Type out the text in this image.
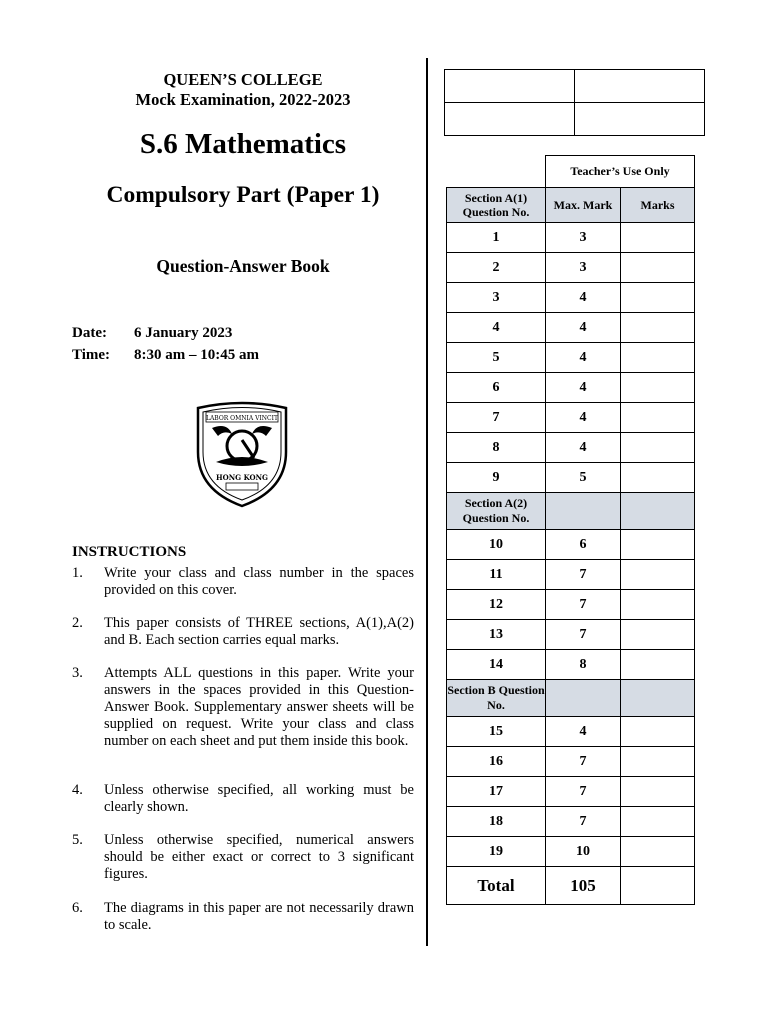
QUEEN’S COLLEGE
Mock Examination, 2022-2023
S.6 Mathematics
Compulsory Part (Paper 1)
Question-Answer Book
Date: 6 January 2023
Time: 8:30 am – 10:45 am
LABOR OMNIA VINCIT
HONG KONG
INSTRUCTIONS
1. Write your class and class number in the spaces provided on this cover.
2. This paper consists of THREE sections, A(1),A(2) and B. Each section carries equal marks.
3. Attempts ALL questions in this paper. Write your answers in the spaces provided in this Question-Answer Book. Supplementary answer sheets will be supplied on request. Write your class and class number on each sheet and put them inside this book.
4. Unless otherwise specified, all working must be clearly shown.
5. Unless otherwise specified, numerical answers should be either exact or correct to 3 significant figures.
6. The diagrams in this paper are not necessarily drawn to scale.

	Teacher’s Use Only	
Section A(1) Question No.	Max. Mark	Marks
1	3	
2	3	
3	4	
4	4	
5	4	
6	4	
7	4	
8	4	
9	5	
Section A(2) Question No.		
10	6	
11	7	
12	7	
13	7	
14	8	
Section B Question No.		
15	4	
16	7	
17	7	
18	7	
19	10	
Total	105	
